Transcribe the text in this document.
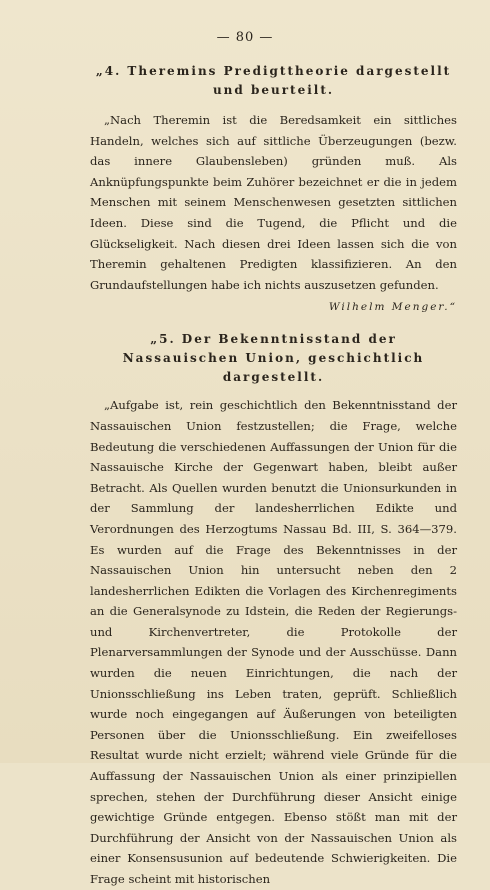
— 80 —

„4. Theremins Predigttheorie dargestellt und beurteilt.

„Nach Theremin ist die Beredsamkeit ein sittliches Handeln, welches sich auf sittliche Überzeugungen (bezw. das innere Glaubensleben) gründen muß. Als Anknüpfungspunkte beim Zuhörer bezeichnet er die in jedem Menschen mit seinem Menschenwesen gesetzten sittlichen Ideen. Diese sind die Tugend, die Pflicht und die Glückseligkeit. Nach diesen drei Ideen lassen sich die von Theremin gehaltenen Predigten klassifizieren. An den Grundaufstellungen habe ich nichts auszusetzen gefunden.

Wilhelm Menger.“

„5. Der Bekenntnisstand der Nassauischen Union, geschichtlich dargestellt.

„Aufgabe ist, rein geschichtlich den Bekenntnisstand der Nassauischen Union festzustellen; die Frage, welche Bedeutung die verschiedenen Auffassungen der Union für die Nassauische Kirche der Gegenwart haben, bleibt außer Betracht. Als Quellen wurden benutzt die Unionsurkunden in der Sammlung der landesherrlichen Edikte und Verordnungen des Herzogtums Nassau Bd. III, S. 364—379. Es wurden auf die Frage des Bekenntnisses in der Nassauischen Union hin untersucht neben den 2 landesherrlichen Edikten die Vorlagen des Kirchenregiments an die Generalsynode zu Idstein, die Reden der Regierungs- und Kirchenvertreter, die Protokolle der Plenarversammlungen der Synode und der Ausschüsse. Dann wurden die neuen Einrichtungen, die nach der Unionsschließung ins Leben traten, geprüft. Schließlich wurde noch eingegangen auf Äußerungen von beteiligten Personen über die Unionsschließung. Ein zweifelloses Resultat wurde nicht erzielt; während viele Gründe für die Auffassung der Nassauischen Union als einer prinzipiellen sprechen, stehen der Durchführung dieser Ansicht einige gewichtige Gründe entgegen. Ebenso stößt man mit der Durchführung der Ansicht von der Nassauischen Union als einer Konsensusunion auf bedeutende Schwierigkeiten. Die Frage scheint mit historischen
